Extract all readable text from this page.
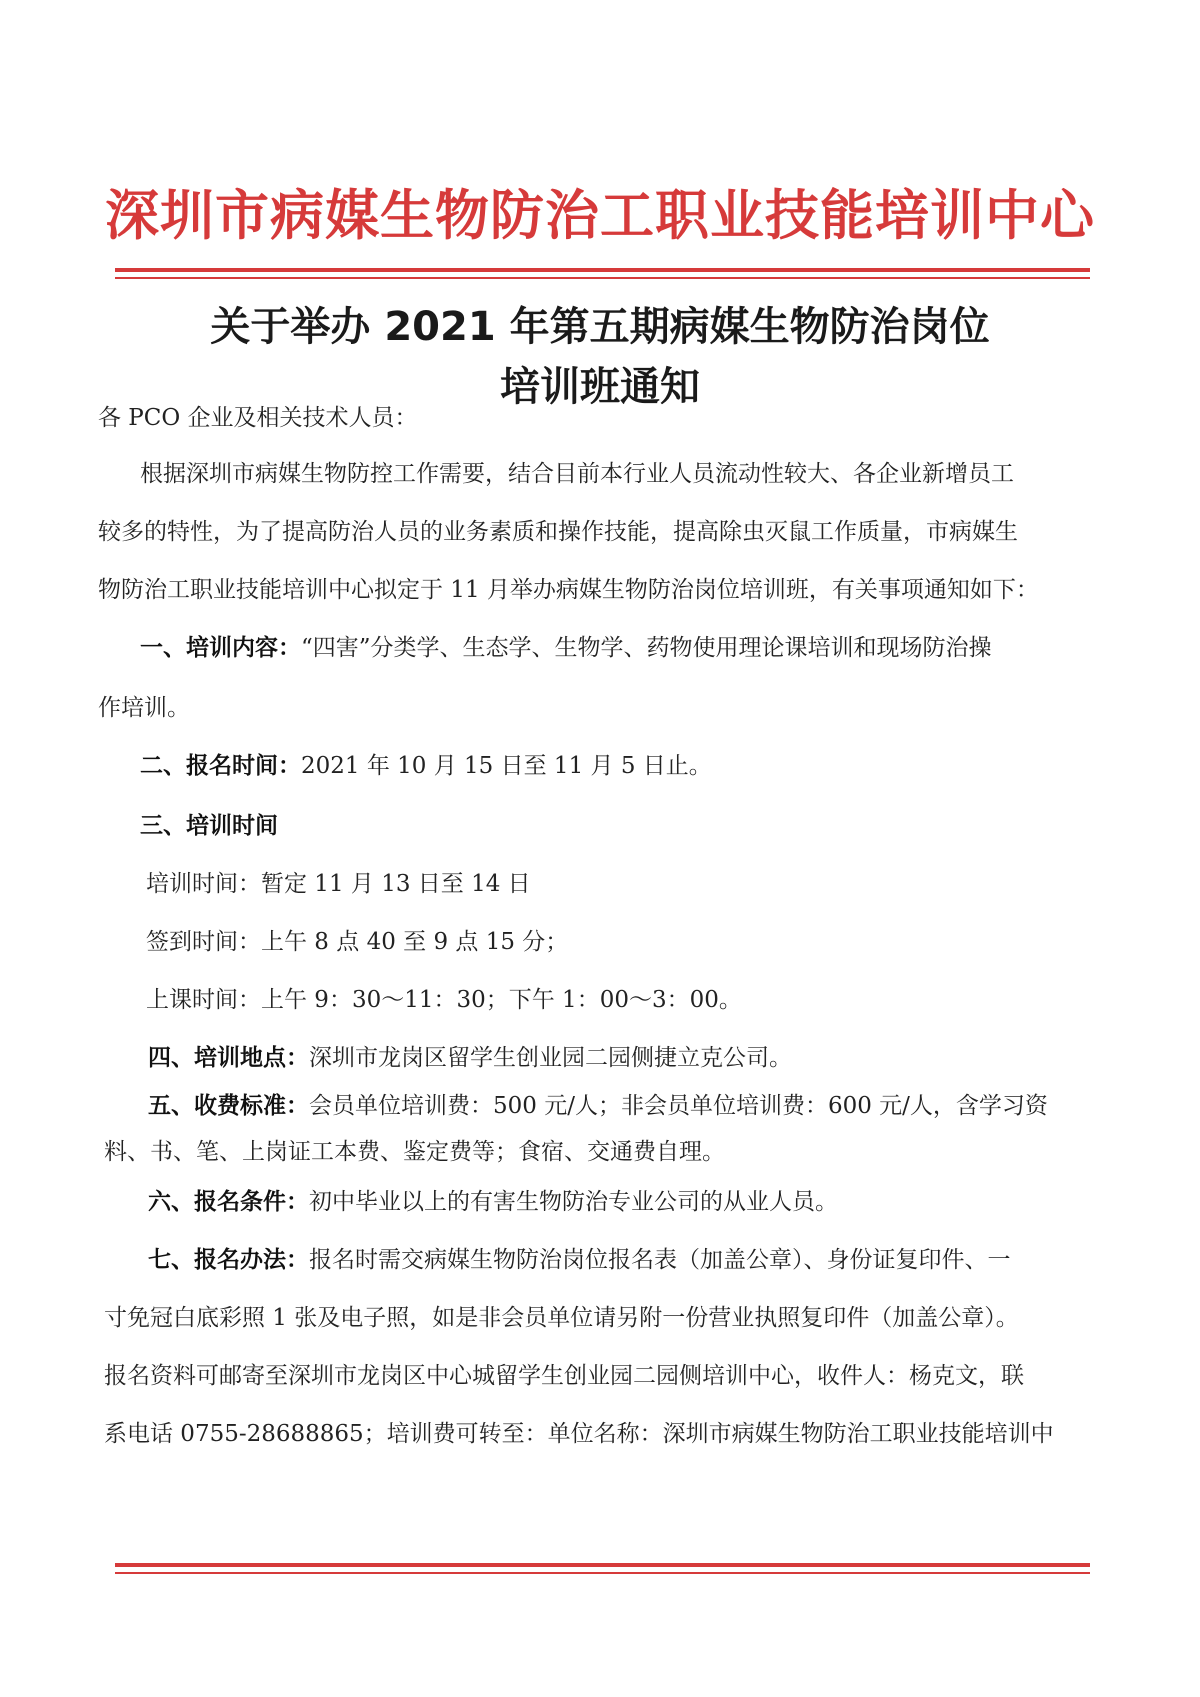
深圳市病媒生物防治工职业技能培训中心
关于举办 2021 年第五期病媒生物防治岗位
培训班通知
各 PCO 企业及相关技术人员：
根据深圳市病媒生物防控工作需要，结合目前本行业人员流动性较大、各企业新增员工
较多的特性，为了提高防治人员的业务素质和操作技能，提高除虫灭鼠工作质量，市病媒生
物防治工职业技能培训中心拟定于 11 月举办病媒生物防治岗位培训班，有关事项通知如下：
一、培训内容：“四害”分类学、生态学、生物学、药物使用理论课培训和现场防治操
作培训。
二、报名时间：2021 年 10 月 15 日至 11 月 5 日止。
三、培训时间
培训时间：暂定 11 月 13 日至 14 日
签到时间：上午 8 点 40 至 9 点 15 分；
上课时间：上午 9：30～11：30；下午 1：00～3：00。
四、培训地点：深圳市龙岗区留学生创业园二园侧捷立克公司。
五、收费标准：会员单位培训费：500 元/人；非会员单位培训费：600 元/人，含学习资
料、书、笔、上岗证工本费、鉴定费等；食宿、交通费自理。
六、报名条件：初中毕业以上的有害生物防治专业公司的从业人员。
七、报名办法：报名时需交病媒生物防治岗位报名表（加盖公章）、身份证复印件、一
寸免冠白底彩照 1 张及电子照，如是非会员单位请另附一份营业执照复印件（加盖公章）。
报名资料可邮寄至深圳市龙岗区中心城留学生创业园二园侧培训中心，收件人：杨克文，联
系电话 0755-28688865；培训费可转至：单位名称：深圳市病媒生物防治工职业技能培训中
